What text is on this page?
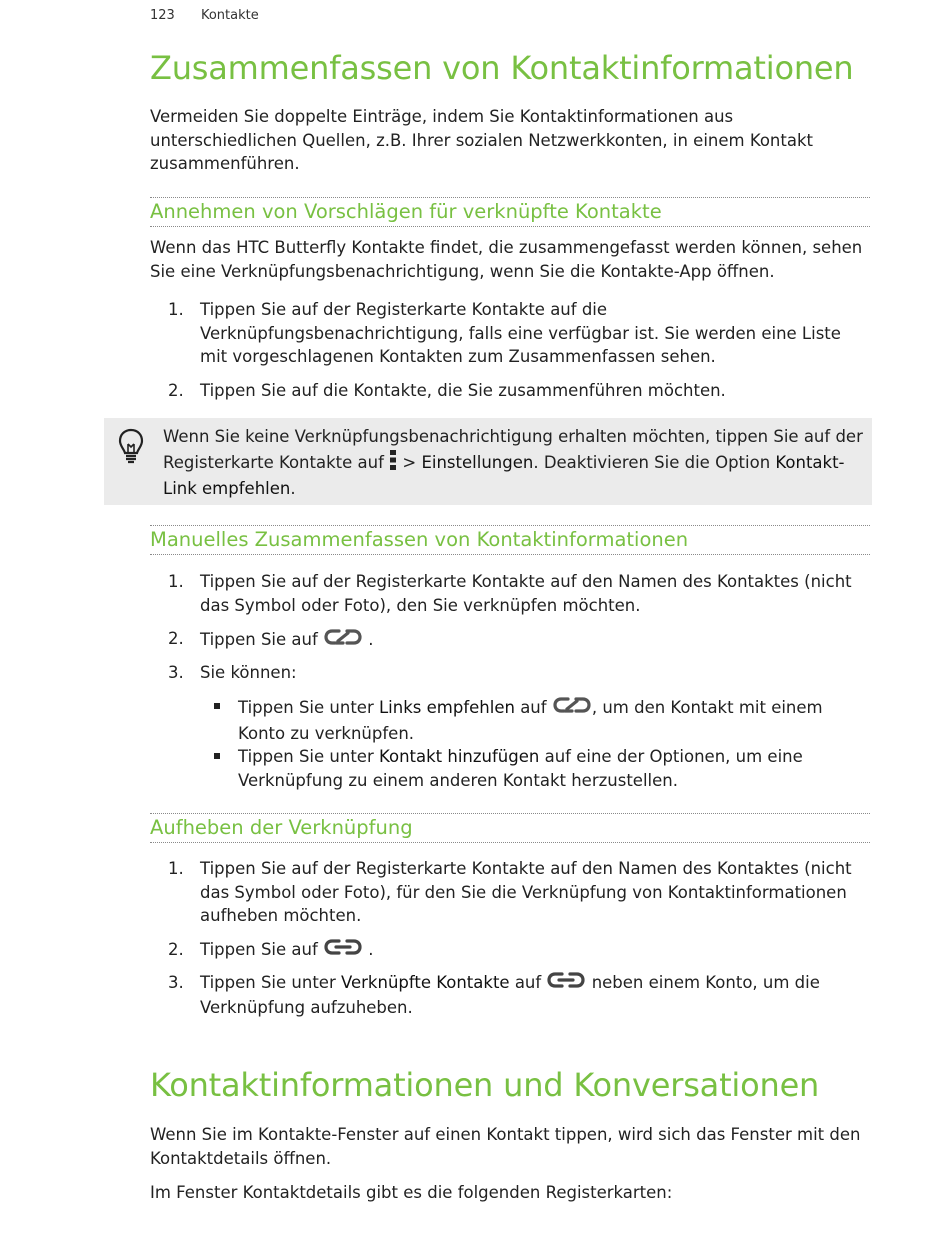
123 Kontakte
Zusammenfassen von Kontaktinformationen

Vermeiden Sie doppelte Einträge, indem Sie Kontaktinformationen aus unterschiedlichen Quellen, z.B. Ihrer sozialen Netzwerkkonten, in einem Kontakt zusammenführen.

Annehmen von Vorschlägen für verknüpfte Kontakte

Wenn das HTC Butterfly Kontakte findet, die zusammengefasst werden können, sehen Sie eine Verknüpfungsbenachrichtigung, wenn Sie die Kontakte-App öffnen.

1. Tippen Sie auf der Registerkarte Kontakte auf die Verknüpfungsbenachrichtigung, falls eine verfügbar ist. Sie werden eine Liste mit vorgeschlagenen Kontakten zum Zusammenfassen sehen.
2. Tippen Sie auf die Kontakte, die Sie zusammenführen möchten.
Wenn Sie keine Verknüpfungsbenachrichtigung erhalten möchten, tippen Sie auf der Registerkarte Kontakte auf > Einstellungen. Deaktivieren Sie die Option Kontakt-Link empfehlen.
Manuelles Zusammenfassen von Kontaktinformationen
1. Tippen Sie auf der Registerkarte Kontakte auf den Namen des Kontaktes (nicht das Symbol oder Foto), den Sie verknüpfen möchten.
2. Tippen Sie auf	.
3. Sie können:
Tippen Sie unter Links empfehlen auf	, um den Kontakt mit einem Konto zu verknüpfen.
Tippen Sie unter Kontakt hinzufügen auf eine der Optionen, um eine Verknüpfung zu einem anderen Kontakt herzustellen.
Aufheben der Verknüpfung
1. Tippen Sie auf der Registerkarte Kontakte auf den Namen des Kontaktes (nicht das Symbol oder Foto), für den Sie die Verknüpfung von Kontaktinformationen aufheben möchten.
2. Tippen Sie auf	.
3. Tippen Sie unter Verknüpfte Kontakte auf	neben einem Konto, um die Verknüpfung aufzuheben.
Kontaktinformationen und Konversationen

Wenn Sie im Kontakte-Fenster auf einen Kontakt tippen, wird sich das Fenster mit den Kontaktdetails öffnen.

Im Fenster Kontaktdetails gibt es die folgenden Registerkarten:
